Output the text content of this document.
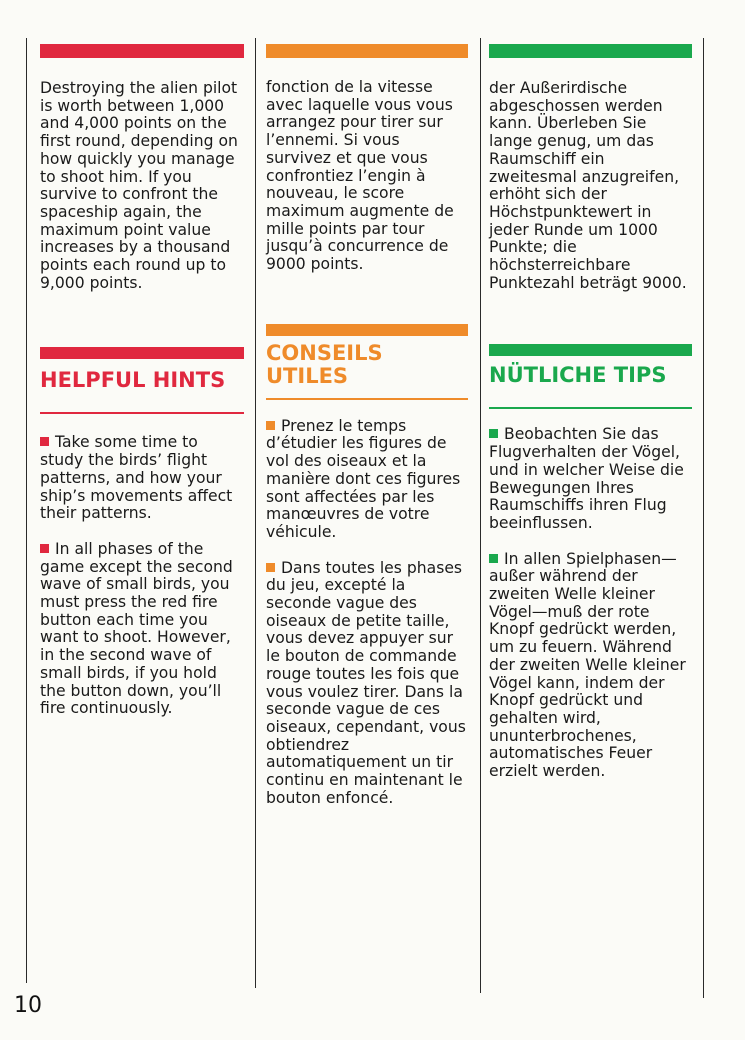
Destroying the alien pilot is worth between 1,000 and 4,000 points on the first round, depending on how quickly you manage to shoot him. If you survive to confront the spaceship again, the maximum point value increases by a thousand points each round up to 9,000 points.

HELPFUL HINTS

Take some time to study the birds’ flight patterns, and how your ship’s movements affect their patterns.

In all phases of the game except the second wave of small birds, you must press the red fire button each time you want to shoot. However, in the second wave of small birds, if you hold the button down, you’ll fire continuously.

fonction de la vitesse avec laquelle vous vous arrangez pour tirer sur l’ennemi. Si vous survivez et que vous confrontiez l’engin à nouveau, le score maximum augmente de mille points par tour jusqu’à concurrence de 9000 points.

CONSEILS
UTILES

Prenez le temps d’étudier les figures de vol des oiseaux et la manière dont ces figures sont affectées par les manœuvres de votre véhicule.

Dans toutes les phases du jeu, excepté la seconde vague des oiseaux de petite taille, vous devez appuyer sur le bouton de commande rouge toutes les fois que vous voulez tirer. Dans la seconde vague de ces oiseaux, cependant, vous obtiendrez automatiquement un tir continu en maintenant le bouton enfoncé.

der Außerirdische abgeschossen werden kann. Überleben Sie lange genug, um das Raumschiff ein zweitesmal anzugreifen, erhöht sich der Höchstpunktewert in jeder Runde um 1000 Punkte; die höchsterreichbare Punktezahl beträgt 9000.

NÜTLICHE TIPS

Beobachten Sie das Flugverhalten der Vögel, und in welcher Weise die Bewegungen Ihres Raumschiffs ihren Flug beeinflussen.

In allen Spielphasen—außer während der zweiten Welle kleiner Vögel—muß der rote Knopf gedrückt werden, um zu feuern. Während der zweiten Welle kleiner Vögel kann, indem der Knopf gedrückt und gehalten wird, ununterbrochenes, automatisches Feuer erzielt werden.

10
